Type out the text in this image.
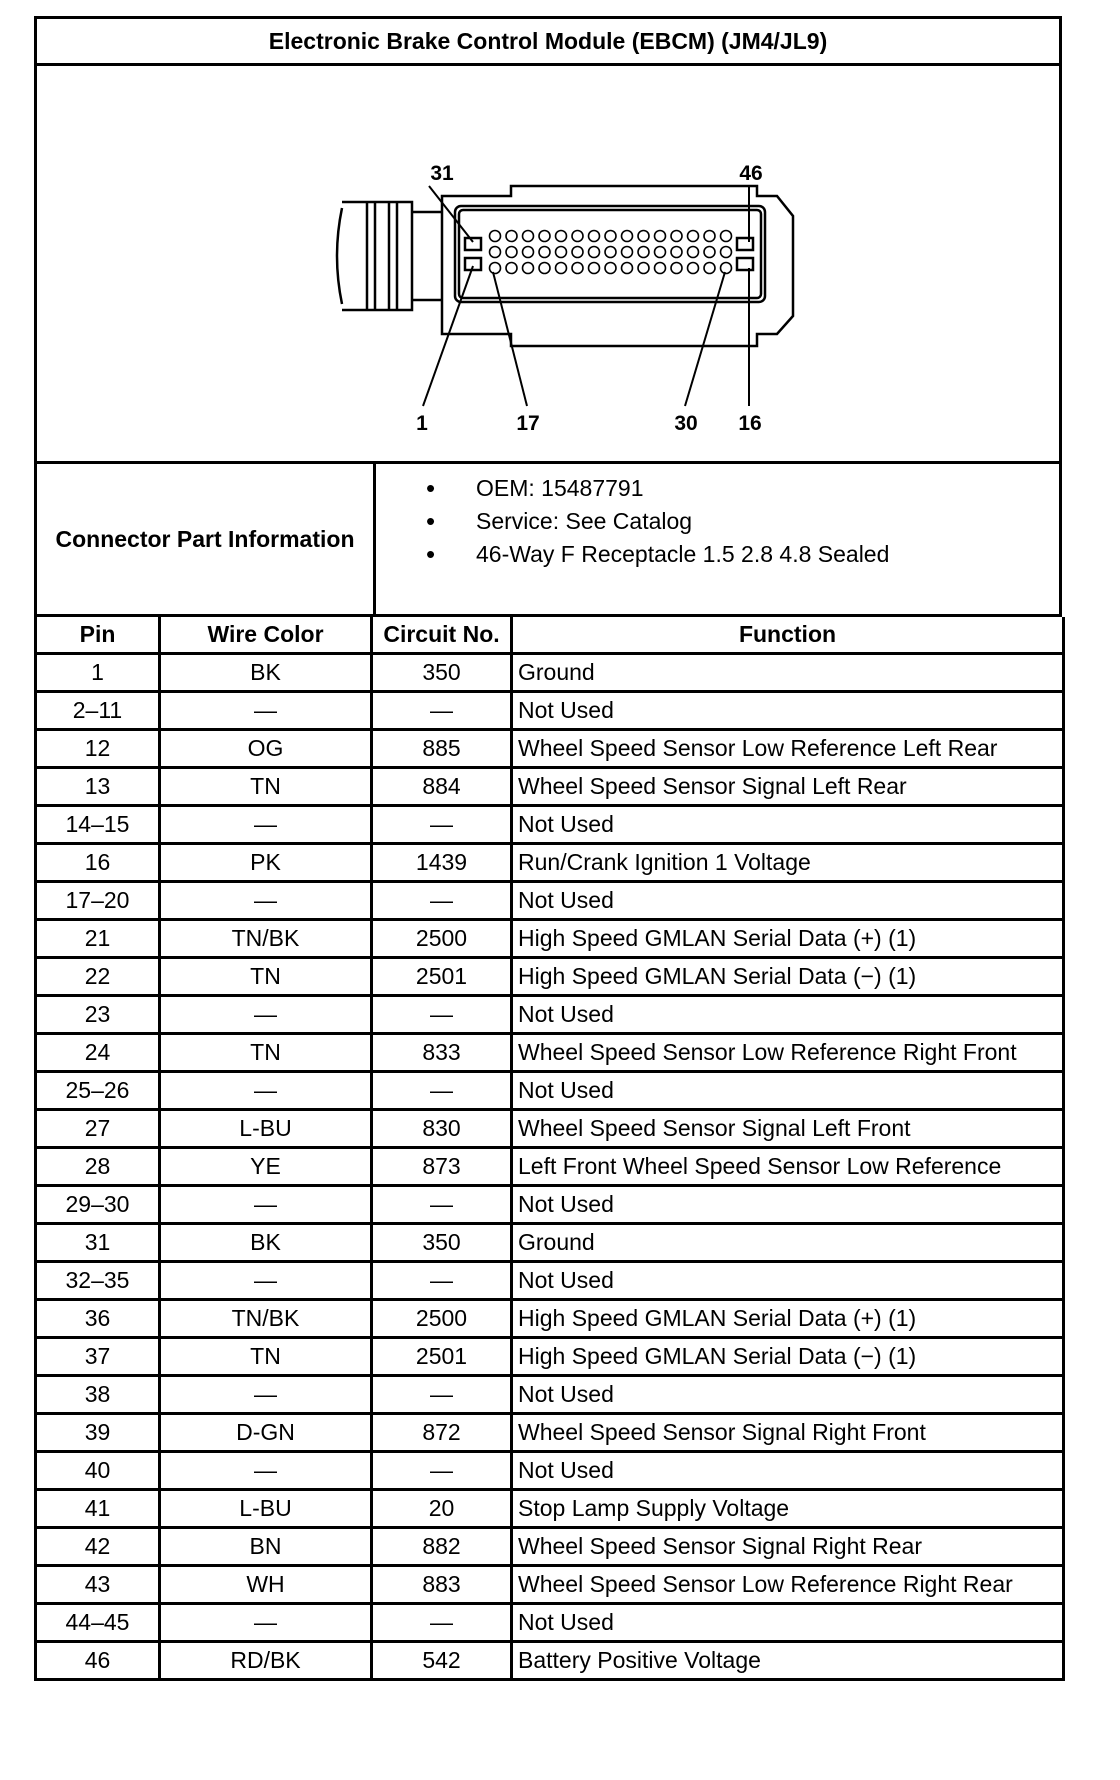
Electronic Brake Control Module (EBCM) (JM4/JL9)
31	46
1	17	30 16
Connector Part Information
• OEM: 15487791
• Service: See Catalog
• 46-Way F Receptacle 1.5 2.8 4.8 Sealed
Pin	Wire Color	Circuit No.	Function
1	BK	350	Ground
2–11	—	—	Not Used
12	OG	885	Wheel Speed Sensor Low Reference Left Rear
13	TN	884	Wheel Speed Sensor Signal Left Rear
14–15	—	—	Not Used
16	PK	1439	Run/Crank Ignition 1 Voltage
17–20	—	—	Not Used
21	TN/BK	2500	High Speed GMLAN Serial Data (+) (1)
22	TN	2501	High Speed GMLAN Serial Data (−) (1)
23	—	—	Not Used
24	TN	833	Wheel Speed Sensor Low Reference Right Front
25–26	—	—	Not Used
27	L-BU	830	Wheel Speed Sensor Signal Left Front
28	YE	873	Left Front Wheel Speed Sensor Low Reference
29–30	—	—	Not Used
31	BK	350	Ground
32–35	—	—	Not Used
36	TN/BK	2500	High Speed GMLAN Serial Data (+) (1)
37	TN	2501	High Speed GMLAN Serial Data (−) (1)
38	—	—	Not Used
39	D-GN	872	Wheel Speed Sensor Signal Right Front
40	—	—	Not Used
41	L-BU	20	Stop Lamp Supply Voltage
42	BN	882	Wheel Speed Sensor Signal Right Rear
43	WH	883	Wheel Speed Sensor Low Reference Right Rear
44–45	—	—	Not Used
46	RD/BK	542	Battery Positive Voltage
